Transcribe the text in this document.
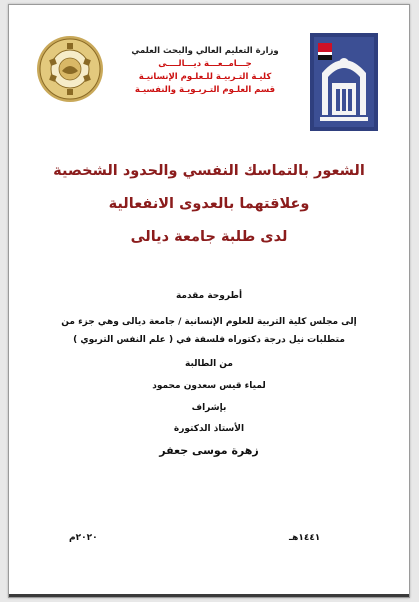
وزارة التعليم العالي والبحث العلمي
جـــامــعـــة ديـــالــــى
كليـة التـربيـة للـعلـوم الإنسانيـة
قسم العلـوم التـربـويـة والنفسيـة
الشعور بالتماسك النفسي والحدود الشخصية
وعلاقتهما بالعدوى الانفعالية
لدى طلبة جامعة ديالى
أطروحة مقدمة
إلى مجلس كلية التربية للعلوم الإنسانية / جامعة ديالى وهي جزء من
متطلبات نيل درجة دكتوراه فلسفة في ( علم النفس التربوي )
من الطالبة
لمياء قيس سعدون محمود
بإشراف
الأستاذ الدكتورة
زهرة موسى جعفر
١٤٤١هـ
٢٠٢٠م
